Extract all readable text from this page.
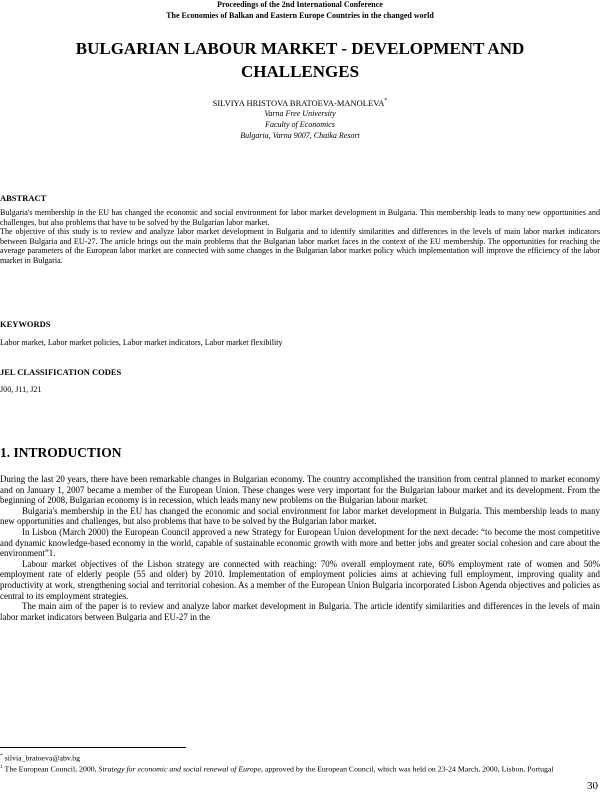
Proceedings of the 2nd International Conference
The Economies of Balkan and Eastern Europe Countries in the changed world
BULGARIAN LABOUR MARKET - DEVELOPMENT AND
CHALLENGES
SILVIYA HRISTOVA BRATOEVA-MANOLEVA*
Varna Free University
Faculty of Economics
Bulgaria, Varna 9007, Chaika Resort
ABSTRACT

Bulgaria's membership in the EU has changed the economic and social environment for labor market development in Bulgaria. This membership leads to many new opportunities and challenges, but also problems that have to be solved by the Bulgarian labor market.

The objective of this study is to review and analyze labor market development in Bulgaria and to identify similarities and differences in the levels of main labor market indicators between Bulgaria and EU-27. The article brings out the main problems that the Bulgarian labor market faces in the context of the EU membership. The opportunities for reaching the average parameters of the European labor market are connected with some changes in the Bulgarian labor market policy which implementation will improve the efficiency of the labor market in Bulgaria.

KEYWORDS
Labor market, Labor market policies, Labor market indicators, Labor market flexibility
JEL CLASSIFICATION CODES
J00, J11, J21
1. INTRODUCTION

During the last 20 years, there have been remarkable changes in Bulgarian economy. The country accomplished the transition from central planned to market economy and on January 1, 2007 became a member of the European Union. These changes were very important for the Bulgarian labour market and its development. From the beginning of 2008, Bulgarian economy is in recession, which leads many new problems on the Bulgarian labour market.

Bulgaria's membership in the EU has changed the economic and social environment for labor market development in Bulgaria. This membership leads to many new opportunities and challenges, but also problems that have to be solved by the Bulgarian labor market.

In Lisbon (March 2000) the European Council approved a new Strategy for European Union development for the next decade: “to become the most competitive and dynamic knowledge-based economy in the world, capable of sustainable economic growth with more and better jobs and greater social cohesion and care about the environment”1.

Labour market objectives of the Lisbon strategy are connected with reaching: 70% overall employment rate, 60% employment rate of women and 50% employment rate of elderly people (55 and older) by 2010. Implementation of employment policies aims at achieving full employment, improving quality and productivity at work, strengthening social and territorial cohesion. As a member of the European Union Bulgaria incorporated Lisbon Agenda objectives and policies as central to its employment strategies.

The main aim of the paper is to review and analyze labor market development in Bulgaria. The article identify similarities and differences in the levels of main labor market indicators between Bulgaria and EU-27 in the

* silvia_bratoeva@abv.bg

$^1$ The European Council, 2000, Strategy for economic and social renewal of Europe, approved by the European Council, which was held on 23-24 March, 2000, Lisbon, Portugal

30
